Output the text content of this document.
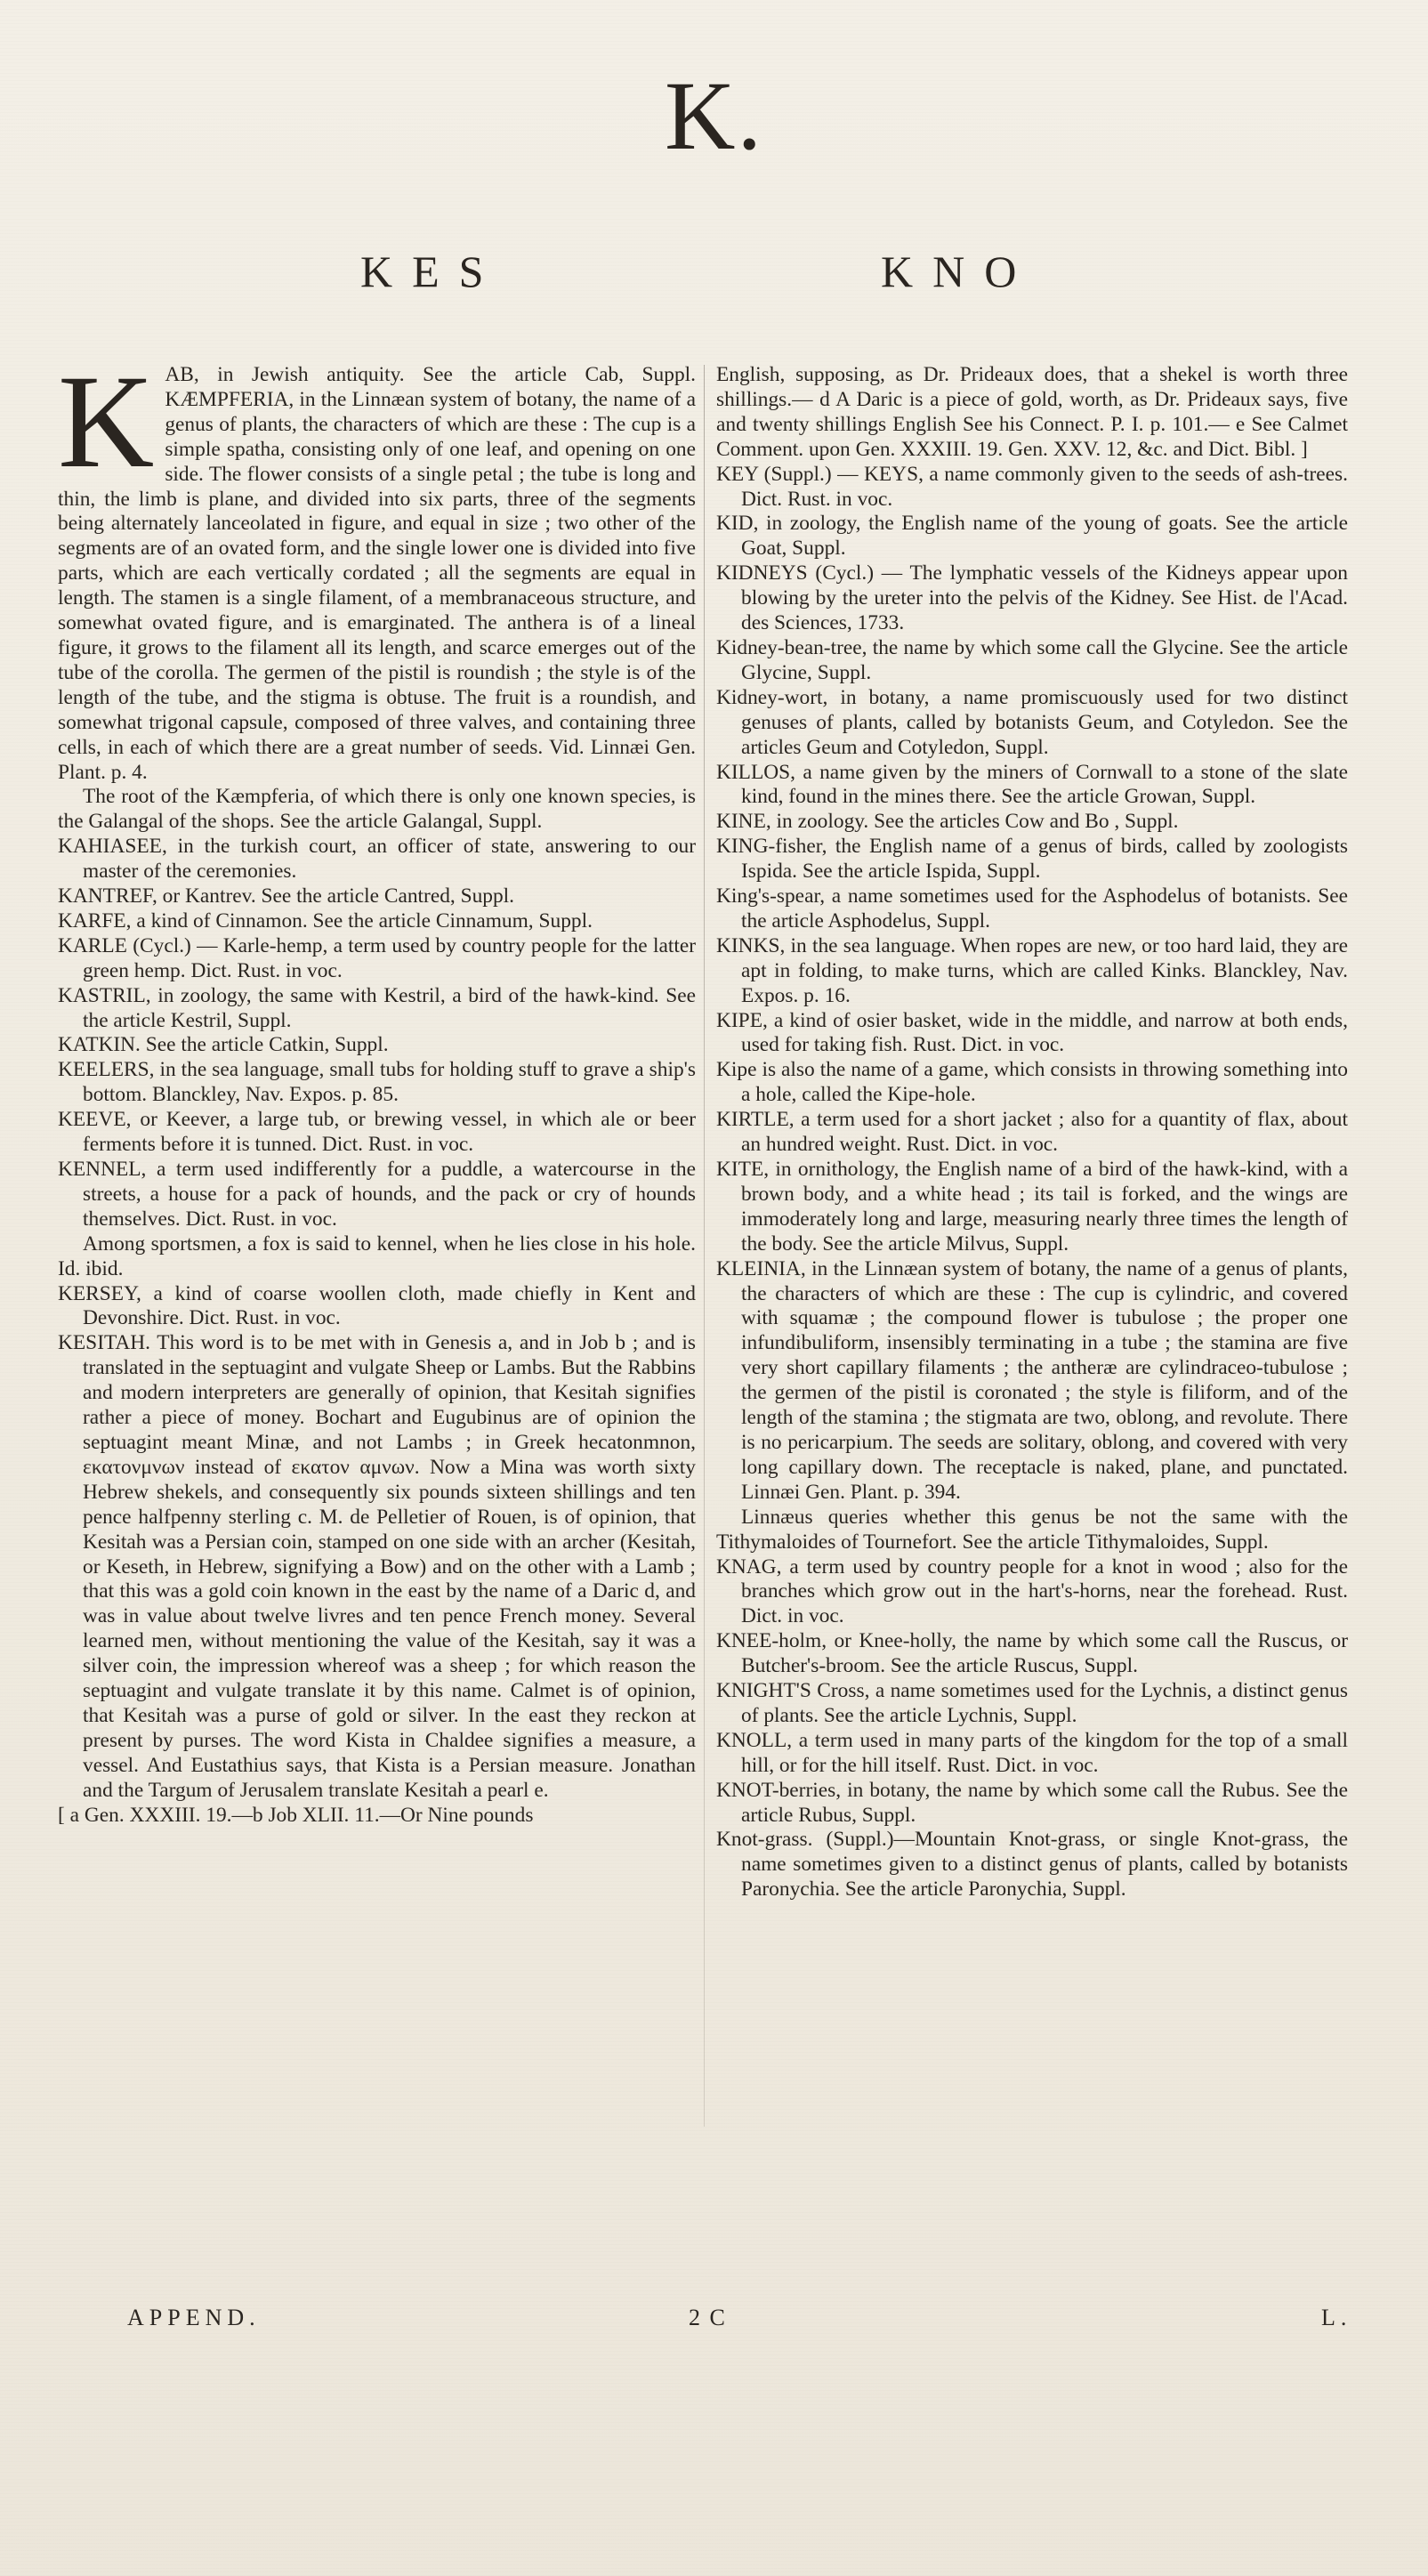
K.
KES	KNO

KAB, in Jewish antiquity. See the article Cab, Suppl. KÆMPFERIA, in the Linnæan system of botany, the name of a genus of plants, the characters of which are these : The cup is a simple spatha, consisting only of one leaf, and opening on one side. The flower consists of a single petal ; the tube is long and thin, the limb is plane, and divided into six parts, three of the segments being alternately lanceolated in figure, and equal in size ; two other of the segments are of an ovated form, and the single lower one is divided into five parts, which are each vertically cordated ; all the segments are equal in length. The stamen is a single filament, of a membranaceous structure, and somewhat ovated figure, and is emarginated. The anthera is of a lineal figure, it grows to the filament all its length, and scarce emerges out of the tube of the corolla. The germen of the pistil is roundish ; the style is of the length of the tube, and the stigma is obtuse. The fruit is a roundish, and somewhat trigonal capsule, composed of three valves, and containing three cells, in each of which there are a great number of seeds. Vid. Linnæi Gen. Plant. p. 4.

The root of the Kæmpferia, of which there is only one known species, is the Galangal of the shops. See the article Galangal, Suppl.

KAHIASEE, in the turkish court, an officer of state, answering to our master of the ceremonies.

KANTREF, or Kantrev. See the article Cantred, Suppl.

KARFE, a kind of Cinnamon. See the article Cinnamum, Suppl.

KARLE (Cycl.) — Karle-hemp, a term used by country people for the latter green hemp. Dict. Rust. in voc.

KASTRIL, in zoology, the same with Kestril, a bird of the hawk-kind. See the article Kestril, Suppl.

KATKIN. See the article Catkin, Suppl.

KEELERS, in the sea language, small tubs for holding stuff to grave a ship's bottom. Blanckley, Nav. Expos. p. 85.

KEEVE, or Keever, a large tub, or brewing vessel, in which ale or beer ferments before it is tunned. Dict. Rust. in voc.

KENNEL, a term used indifferently for a puddle, a watercourse in the streets, a house for a pack of hounds, and the pack or cry of hounds themselves. Dict. Rust. in voc.

Among sportsmen, a fox is said to kennel, when he lies close in his hole. Id. ibid.

KERSEY, a kind of coarse woollen cloth, made chiefly in Kent and Devonshire. Dict. Rust. in voc.

KESITAH. This word is to be met with in Genesis a, and in Job b ; and is translated in the septuagint and vulgate Sheep or Lambs. But the Rabbins and modern interpreters are generally of opinion, that Kesitah signifies rather a piece of money. Bochart and Eugubinus are of opinion the septuagint meant Minæ, and not Lambs ; in Greek hecatonmnon, εκατονμνων instead of εκατον αμνων. Now a Mina was worth sixty Hebrew shekels, and consequently six pounds sixteen shillings and ten pence halfpenny sterling c. M. de Pelletier of Rouen, is of opinion, that Kesitah was a Persian coin, stamped on one side with an archer (Kesitah, or Keseth, in Hebrew, signifying a Bow) and on the other with a Lamb ; that this was a gold coin known in the east by the name of a Daric d, and was in value about twelve livres and ten pence French money. Several learned men, without mentioning the value of the Kesitah, say it was a silver coin, the impression whereof was a sheep ; for which reason the septuagint and vulgate translate it by this name. Calmet is of opinion, that Kesitah was a purse of gold or silver. In the east they reckon at present by purses. The word Kista in Chaldee signifies a measure, a vessel. And Eustathius says, that Kista is a Persian measure. Jonathan and the Targum of Jerusalem translate Kesitah a pearl e.

[ a Gen. XXXIII. 19.—b Job XLII. 11.—Or Nine pounds

English, supposing, as Dr. Prideaux does, that a shekel is worth three shillings.— d A Daric is a piece of gold, worth, as Dr. Prideaux says, five and twenty shillings English See his Connect. P. I. p. 101.— e See Calmet Comment. upon Gen. XXXIII. 19. Gen. XXV. 12, &c. and Dict. Bibl. ]

KEY (Suppl.) — KEYS, a name commonly given to the seeds of ash-trees. Dict. Rust. in voc.

KID, in zoology, the English name of the young of goats. See the article Goat, Suppl.

KIDNEYS (Cycl.) — The lymphatic vessels of the Kidneys appear upon blowing by the ureter into the pelvis of the Kidney. See Hist. de l'Acad. des Sciences, 1733.

Kidney-bean-tree, the name by which some call the Glycine. See the article Glycine, Suppl.

Kidney-wort, in botany, a name promiscuously used for two distinct genuses of plants, called by botanists Geum, and Cotyledon. See the articles Geum and Cotyledon, Suppl.

KILLOS, a name given by the miners of Cornwall to a stone of the slate kind, found in the mines there. See the article Growan, Suppl.

KINE, in zoology. See the articles Cow and Bo , Suppl.

KING-fisher, the English name of a genus of birds, called by zoologists Ispida. See the article Ispida, Suppl.

King's-spear, a name sometimes used for the Asphodelus of botanists. See the article Asphodelus, Suppl.

KINKS, in the sea language. When ropes are new, or too hard laid, they are apt in folding, to make turns, which are called Kinks. Blanckley, Nav. Expos. p. 16.

KIPE, a kind of osier basket, wide in the middle, and narrow at both ends, used for taking fish. Rust. Dict. in voc.

Kipe is also the name of a game, which consists in throwing something into a hole, called the Kipe-hole.

KIRTLE, a term used for a short jacket ; also for a quantity of flax, about an hundred weight. Rust. Dict. in voc.

KITE, in ornithology, the English name of a bird of the hawk-kind, with a brown body, and a white head ; its tail is forked, and the wings are immoderately long and large, measuring nearly three times the length of the body. See the article Milvus, Suppl.

KLEINIA, in the Linnæan system of botany, the name of a genus of plants, the characters of which are these : The cup is cylindric, and covered with squamæ ; the compound flower is tubulose ; the proper one infundibuliform, insensibly terminating in a tube ; the stamina are five very short capillary filaments ; the antheræ are cylindraceo-tubulose ; the germen of the pistil is coronated ; the style is filiform, and of the length of the stamina ; the stigmata are two, oblong, and revolute. There is no pericarpium. The seeds are solitary, oblong, and covered with very long capillary down. The receptacle is naked, plane, and punctated. Linnæi Gen. Plant. p. 394.

Linnæus queries whether this genus be not the same with the Tithymaloides of Tournefort. See the article Tithymaloides, Suppl.

KNAG, a term used by country people for a knot in wood ; also for the branches which grow out in the hart's-horns, near the forehead. Rust. Dict. in voc.

KNEE-holm, or Knee-holly, the name by which some call the Ruscus, or Butcher's-broom. See the article Ruscus, Suppl.

KNIGHT'S Cross, a name sometimes used for the Lychnis, a distinct genus of plants. See the article Lychnis, Suppl.

KNOLL, a term used in many parts of the kingdom for the top of a small hill, or for the hill itself. Rust. Dict. in voc.

KNOT-berries, in botany, the name by which some call the Rubus. See the article Rubus, Suppl.

Knot-grass. (Suppl.)—Mountain Knot-grass, or single Knot-grass, the name sometimes given to a distinct genus of plants, called by botanists Paronychia. See the article Paronychia, Suppl.

APPEND.	2 C	L.
